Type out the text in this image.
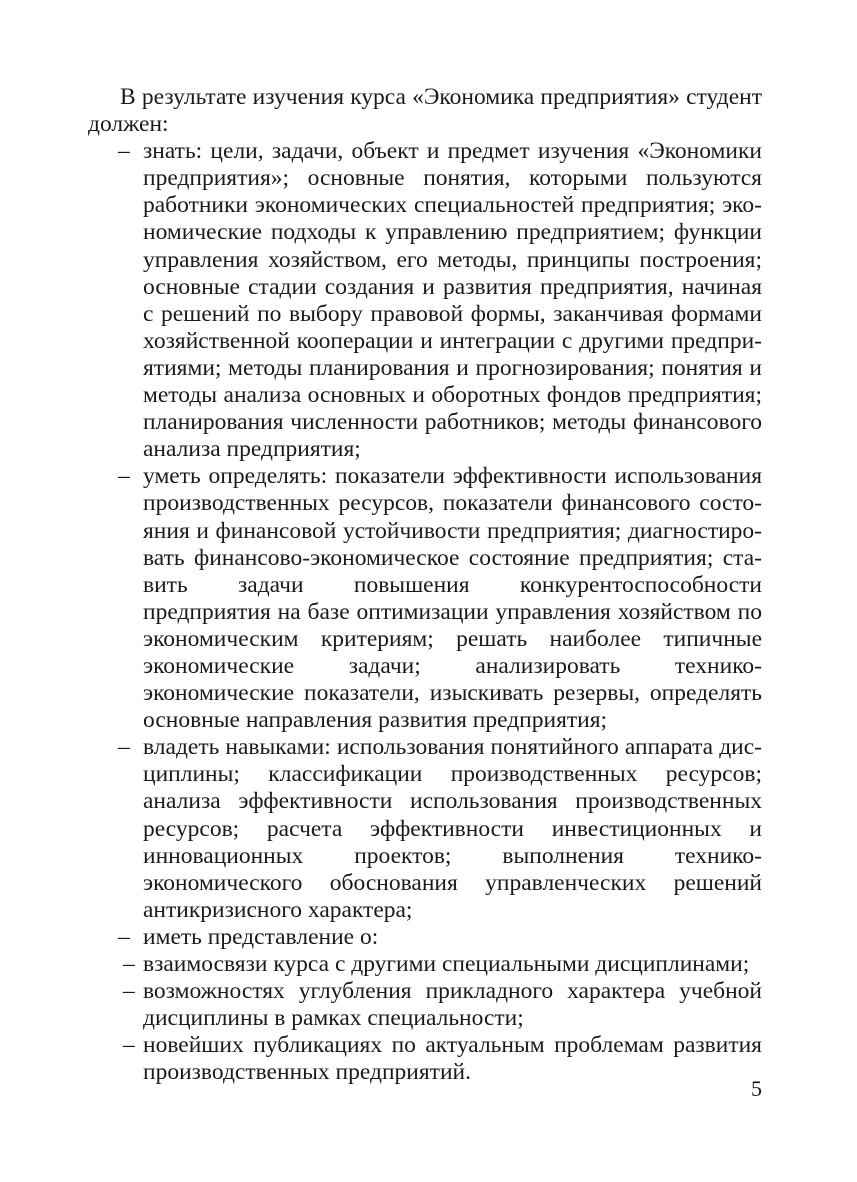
В результате изучения курса «Экономика предприятия» студент должен:

– знать: цели, задачи, объект и предмет изучения «Экономики предприятия»; основные понятия, которыми пользуются работники экономических специальностей предприятия; экономические подходы к управлению предприятием; функции управления хозяйством, его методы, принципы построения; основные стадии создания и развития предприятия, начиная с решений по выбору правовой формы, заканчивая формами хозяйственной кооперации и интеграции с другими предприятиями; методы планирования и прогнозирования; понятия и методы анализа основных и оборотных фондов предприятия; планирования численности работников; методы финансового анализа предприятия;
– уметь определять: показатели эффективности использования производственных ресурсов, показатели финансового состояния и финансовой устойчивости предприятия; диагностировать финансово-экономическое состояние предприятия; ставить задачи повышения конкурентоспособности предприятия на базе оптимизации управления хозяйством по экономическим критериям; решать наиболее типичные экономические задачи; анализировать технико-экономические показатели, изыскивать резервы, определять основные направления развития предприятия;
– владеть навыками: использования понятийного аппарата дисциплины; классификации производственных ресурсов; анализа эффективности использования производственных ресурсов; расчета эффективности инвестиционных и инновационных проектов; выполнения технико-экономического обоснования управленческих решений антикризисного характера;
– иметь представление о:
– взаимосвязи курса с другими специальными дисциплинами;
– возможностях углубления прикладного характера учебной дисциплины в рамках специальности;
– новейших публикациях по актуальным проблемам развития производственных предприятий.
5
